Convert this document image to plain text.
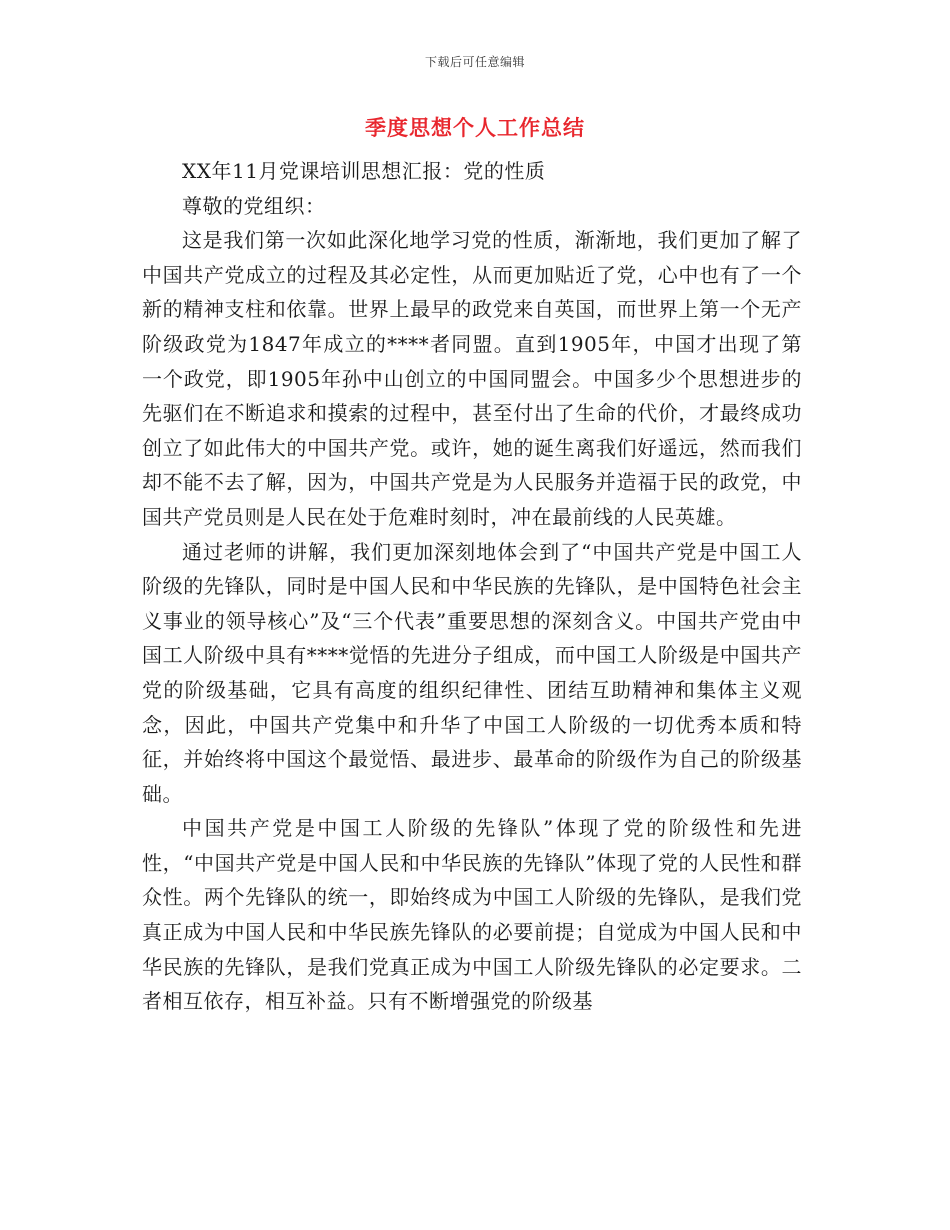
下载后可任意编辑
季度思想个人工作总结

XX年11月党课培训思想汇报：党的性质

尊敬的党组织：

这是我们第一次如此深化地学习党的性质，渐渐地，我们更加了解了中国共产党成立的过程及其必定性，从而更加贴近了党，心中也有了一个新的精神支柱和依靠。世界上最早的政党来自英国，而世界上第一个无产阶级政党为1847年成立的****者同盟。直到1905年，中国才出现了第一个政党，即1905年孙中山创立的中国同盟会。中国多少个思想进步的先驱们在不断追求和摸索的过程中，甚至付出了生命的代价，才最终成功创立了如此伟大的中国共产党。或许，她的诞生离我们好遥远，然而我们却不能不去了解，因为，中国共产党是为人民服务并造福于民的政党，中国共产党员则是人民在处于危难时刻时，冲在最前线的人民英雄。

通过老师的讲解，我们更加深刻地体会到了“中国共产党是中国工人阶级的先锋队，同时是中国人民和中华民族的先锋队，是中国特色社会主义事业的领导核心”及“三个代表”重要思想的深刻含义。中国共产党由中国工人阶级中具有****觉悟的先进分子组成，而中国工人阶级是中国共产党的阶级基础，它具有高度的组织纪律性、团结互助精神和集体主义观念，因此，中国共产党集中和升华了中国工人阶级的一切优秀本质和特征，并始终将中国这个最觉悟、最进步、最革命的阶级作为自己的阶级基础。

中国共产党是中国工人阶级的先锋队”体现了党的阶级性和先进性，“中国共产党是中国人民和中华民族的先锋队”体现了党的人民性和群众性。两个先锋队的统一，即始终成为中国工人阶级的先锋队，是我们党真正成为中国人民和中华民族先锋队的必要前提；自觉成为中国人民和中华民族的先锋队，是我们党真正成为中国工人阶级先锋队的必定要求。二者相互依存，相互补益。只有不断增强党的阶级基
